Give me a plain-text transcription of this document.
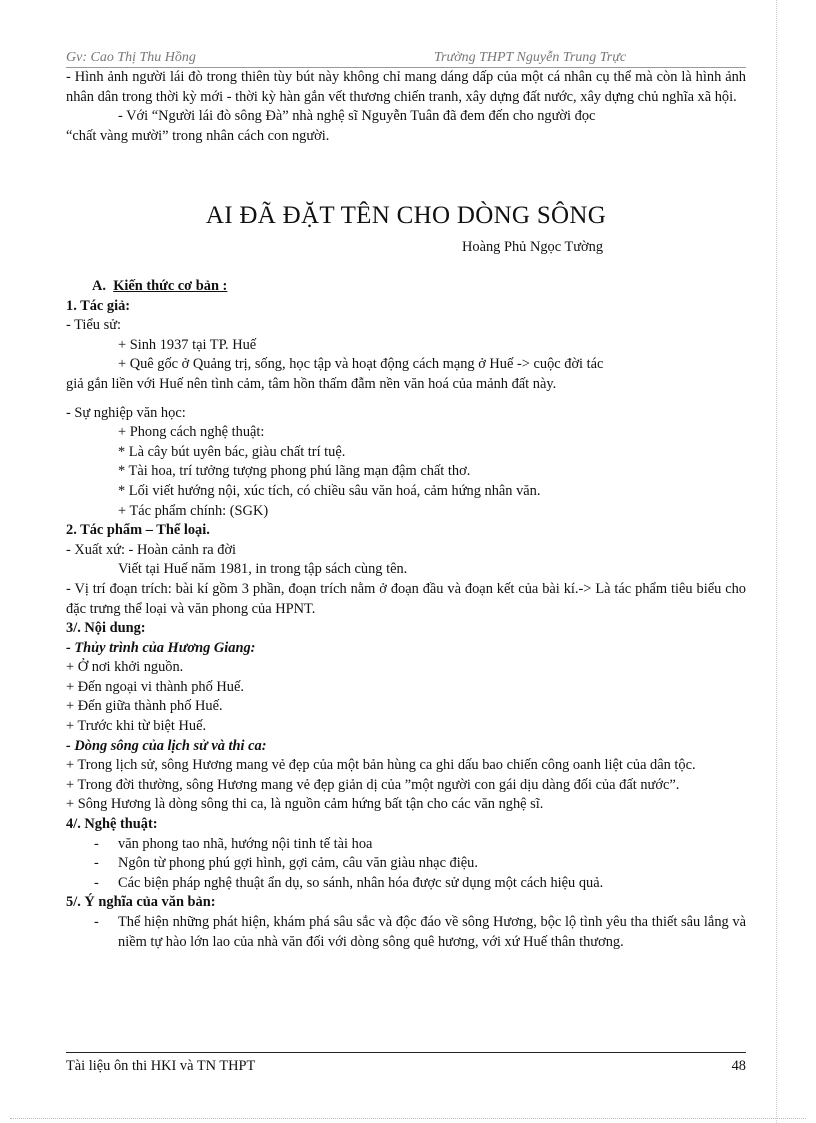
Gv: Cao Thị Thu Hồng	Trường THPT Nguyễn Trung Trực

- Hình ảnh người lái đò trong thiên tùy bút này không chỉ mang dáng dấp của một cá nhân cụ thể mà còn là hình ảnh nhân dân trong thời kỳ mới - thời kỳ hàn gắn vết thương chiến tranh, xây dựng đất nước, xây dựng chủ nghĩa xã hội.

- Với “Người lái đò sông Đà” nhà nghệ sĩ Nguyễn Tuân đã đem đến cho người đọc

“chất vàng mười” trong nhân cách con người.

AI ĐÃ ĐẶT TÊN CHO DÒNG SÔNG
Hoàng Phủ Ngọc Tường

A. Kiến thức cơ bản :

1. Tác giả:

- Tiểu sử:

+ Sinh 1937 tại TP. Huế

+ Quê gốc ở Quảng trị, sống, học tập và hoạt động cách mạng ở Huế -> cuộc đời tác

giả gắn liền với Huế nên tình cảm, tâm hồn thấm đẫm nền văn hoá của mảnh đất này.

- Sự nghiệp văn học:

+ Phong cách nghệ thuật:

* Là cây bút uyên bác, giàu chất trí tuệ.

* Tài hoa, trí tưởng tượng phong phú lãng mạn đậm chất thơ.

* Lối viết hướng nội, xúc tích, có chiều sâu văn hoá, cảm hứng nhân văn.

+ Tác phẩm chính: (SGK)

2. Tác phẩm – Thể loại.

- Xuất xứ: - Hoàn cảnh ra đời

Viết tại Huế năm 1981, in trong tập sách cùng tên.

- Vị trí đoạn trích: bài kí gồm 3 phần, đoạn trích nằm ở đoạn đầu và đoạn kết của bài kí.-> Là tác phẩm tiêu biểu cho đặc trưng thể loại và văn phong của HPNT.

3/. Nội dung:

- Thủy trình của Hương Giang:

+ Ở nơi khởi nguồn.

+ Đến ngoại vi thành phố Huế.

+ Đến giữa thành phố Huế.

+ Trước khi từ biệt Huế.

- Dòng sông của lịch sử và thi ca:

+ Trong lịch sử, sông Hương mang vẻ đẹp của một bản hùng ca ghi dấu bao chiến công oanh liệt của dân tộc.

+ Trong đời thường, sông Hương mang vẻ đẹp giản dị của ”một người con gái dịu dàng đối của đất nước”.

+ Sông Hương là dòng sông thi ca, là nguồn cảm hứng bất tận cho các văn nghệ sĩ.

4/. Nghệ thuật:

- văn phong tao nhã, hướng nội tinh tế tài hoa
- Ngôn từ phong phú gợi hình, gợi cảm, câu văn giàu nhạc điệu.
- Các biện pháp nghệ thuật ẩn dụ, so sánh, nhân hóa được sử dụng một cách hiệu quả.

5/. Ý nghĩa của văn bản:

- Thể hiện những phát hiện, khám phá sâu sắc và độc đáo về sông Hương, bộc lộ tình yêu tha thiết sâu lắng và niềm tự hào lớn lao của nhà văn đối với dòng sông quê hương, với xứ Huế thân thương.
Tài liệu ôn thi HKI và TN THPT	48
